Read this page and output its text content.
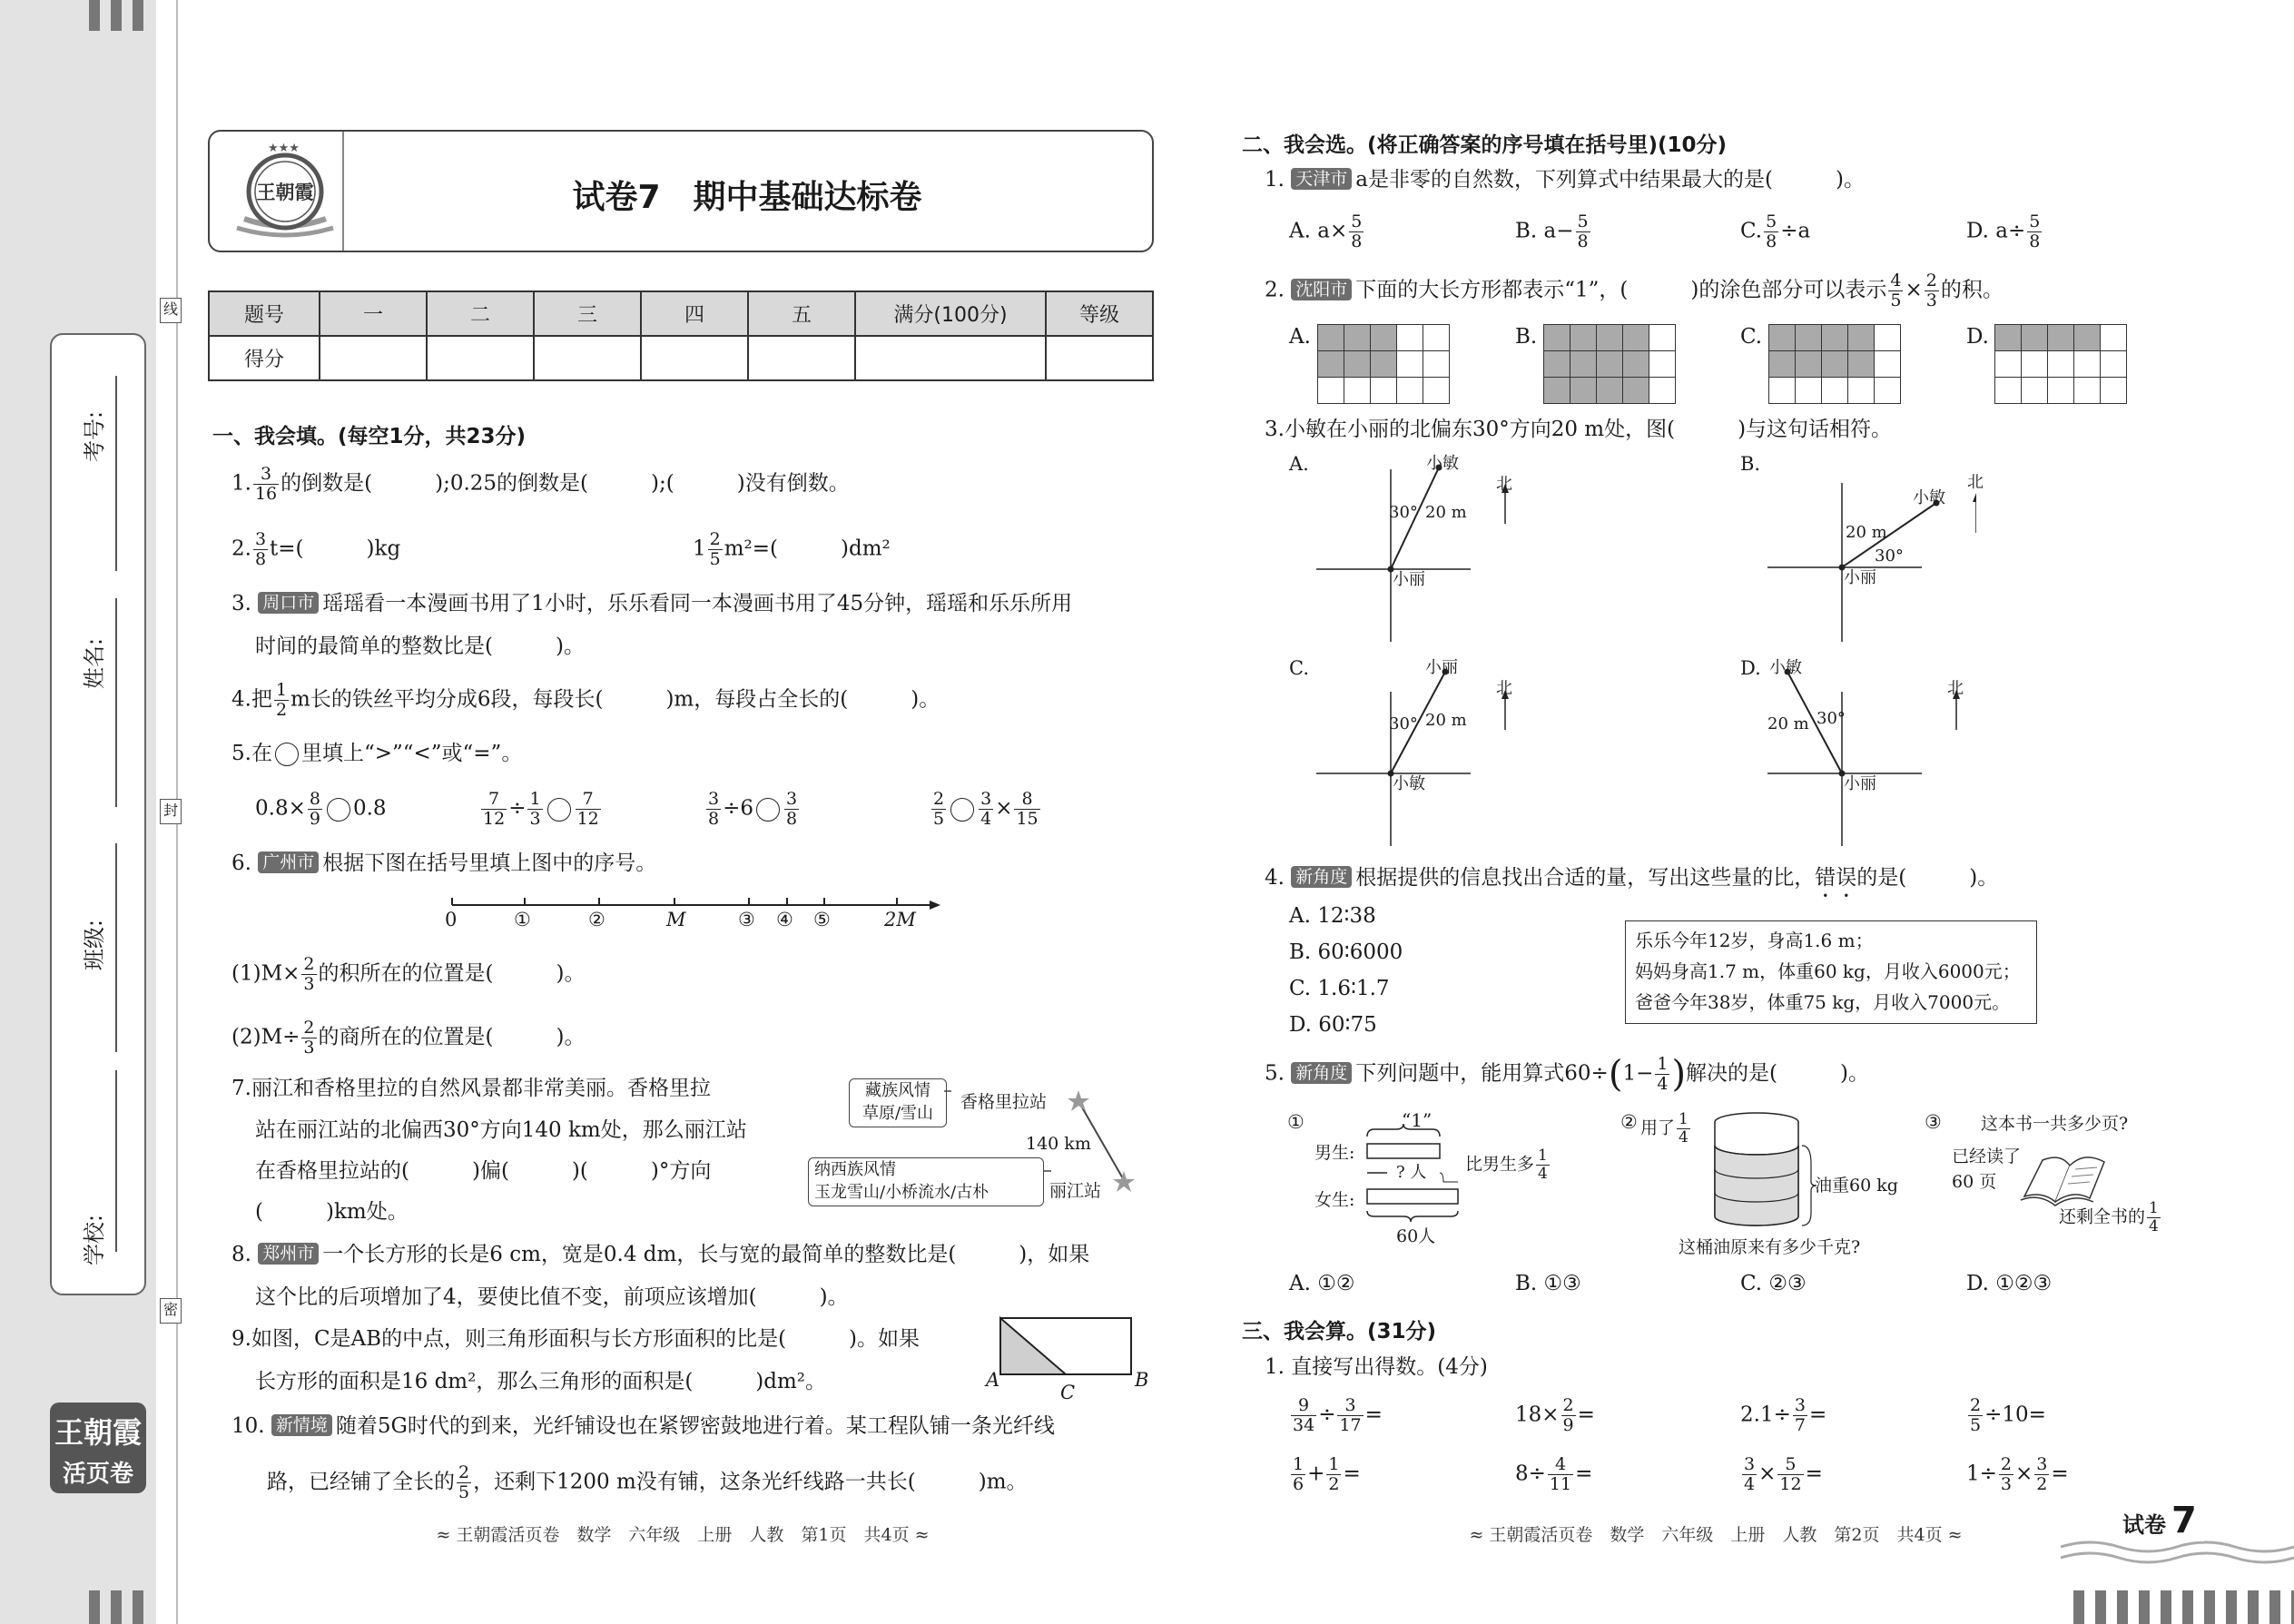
线
封
密
考号:
姓名:
班级:
学校:
王朝霞
活页卷
★★★
王朝霞	试卷7　期中基础达标卷
题号	一	二	三	四	五	满分(100分)	等级
得分							
一、我会填。(每空1分，共23分)
1. $\frac{3}{16}$ 的倒数是(　　　);0.25的倒数是(　　　);(　　　)没有倒数。
2. $\frac{3}{8} t=$(　　　)kg	$1 \frac{2}{5} m^2=$(　　　)dm²
3. 周口市 瑶瑶看一本漫画书用了1小时，乐乐看同一本漫画书用了45分钟，瑶瑶和乐乐所用
时间的最简单的整数比是(　　　)。
4.把 $\frac{1}{2}$ m长的铁丝平均分成6段，每段长(　　　)m，每段占全长的(　　　)。
5.在 里填上“>”“<”或“=”。
$0.8\times \frac{8}{9} 0.8$	$\frac{7}{12} \div \frac{1}{3} \frac{7}{12}$	$\frac{3}{8} \div 6 \frac{3}{8}$	$\frac{2}{5} \frac{3}{4} \times \frac{8}{15}$
6. 广州市 根据下图在括号里填上图中的序号。
0	①	②	M	③ ④ ⑤	2M
$(1)M\times \frac{2}{3}$ 的积所在的位置是(　　　)。
$(2)M\div \frac{2}{3}$ 的商所在的位置是(　　　)。
7.丽江和香格里拉的自然风景都非常美丽。香格里拉
站在丽江站的北偏西30°方向140 km处，那么丽江站
在香格里拉站的(　　　)偏(　　　)(　　　)°方向
(　　　)km处。
藏族风情
草原/雪山
香格里拉站
140 km
纳西族风情
玉龙雪山/小桥流水/古朴	丽江站
8. 郑州市 一个长方形的长是6 cm，宽是0.4 dm，长与宽的最简单的整数比是(　　　)，如果
这个比的后项增加了4，要使比值不变，前项应该增加(　　　)。
9.如图，C是AB的中点，则三角形面积与长方形面积的比是(　　　)。如果
长方形的面积是16 dm²，那么三角形的面积是(　　　)dm²。	A	B
C
10. 新情境 随着5G时代的到来，光纤铺设也在紧锣密鼓地进行着。某工程队铺一条光纤线
路，已经铺了全长的 $\frac{2}{5}$ ，还剩下1200 m没有铺，这条光纤线路一共长(　　　)m。
二、我会选。(将正确答案的序号填在括号里)(10分)
1. 天津市 a是非零的自然数，下列算式中结果最大的是(　　　)。
A. $a\times \frac{5}{8}$	B. $a- \frac{5}{8}$	C. $\frac{5}{8} \div a$	D. $a\div \frac{5}{8}$
2. 沈阳市 下面的大长方形都表示“1”，(　　　)的涂色部分可以表示 $\frac{4}{5} \times \frac{2}{3}$ 的积。
A.	B.	C.	D.
3.小敏在小丽的北偏东30°方向20 m处，图(　　　)与这句话相符。
A.	小敏
北
30° 20 m
小丽
B.
小敏
北
20 m
30°
小丽
C.	小丽
北
30° 20 m
小敏
D. 小敏
北
20 m 30°
小丽
4. 新角度 根据提供的信息找出合适的量，写出这些量的比，错误的是(　　　)。
A. 12∶38
B. 60∶6000
C. 1.6∶1.7
D. 60∶75
乐乐今年12岁，身高1.6 m；
妈妈身高1.7 m，体重60 kg，月收入6000元；
爸爸今年38岁，体重75 kg，月收入7000元。
5. 新角度 下列问题中，能用算式$60\div(1- \frac{1}{4}$ )解决的是(　　　)。
①	“1”
男生:
? 人
女生:
比男生多 $\frac{1}{4}$
60人
② 用了 $\frac{1}{4}$
油重60 kg
这桶油原来有多少千克?
③ 这本书一共多少页?
已经读了
60 页
还剩全书的 $\frac{1}{4}$
A. ①②	B. ①③	C. ②③	D. ①②③
三、我会算。(31分)
1. 直接写出得数。(4分)
$\frac{9}{34} \div \frac{3}{17}$ =	$18\times \frac{2}{9}$ =	$2.1\div \frac{3}{7}$ =	$\frac{2}{5} \div 10=$
$\frac{1}{6} + \frac{1}{2}$ =	$8\div \frac{4}{11}$ =	$\frac{3}{4} \times \frac{5}{12}$ =	$1\div \frac{2}{3} \times \frac{3}{2}$ =
≈ 王朝霞活页卷　数学　六年级　上册　人教　第1页　共4页 ≈	≈ 王朝霞活页卷　数学　六年级　上册　人教　第2页　共4页 ≈	试卷 7
